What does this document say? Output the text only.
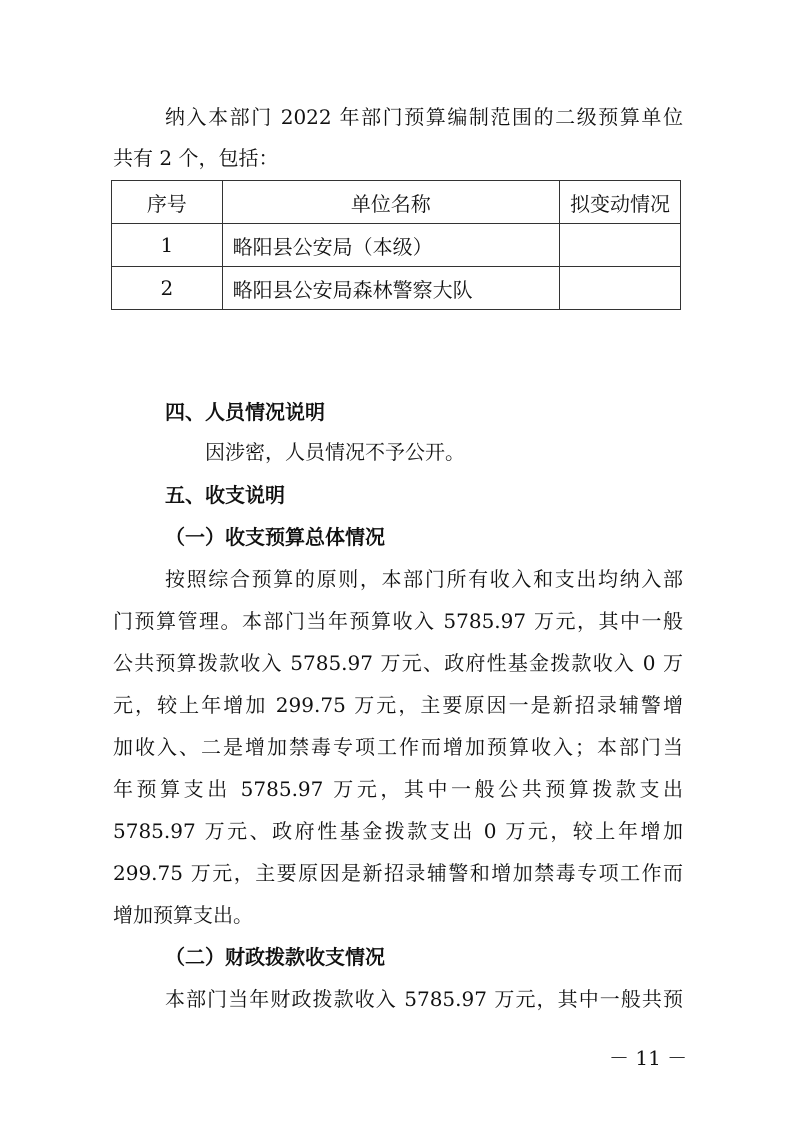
纳入本部门 2022 年部门预算编制范围的二级预算单位
共有 2 个，包括：
序号	单位名称	拟变动情况
1	略阳县公安局（本级）	
2	略阳县公安局森林警察大队	
四、人员情况说明
因涉密，人员情况不予公开。
五、收支说明
（一）收支预算总体情况
按照综合预算的原则，本部门所有收入和支出均纳入部
门预算管理。本部门当年预算收入 5785.97 万元，其中一般
公共预算拨款收入 5785.97 万元、政府性基金拨款收入 0 万
元，较上年增加 299.75 万元，主要原因一是新招录辅警增
加收入、二是增加禁毒专项工作而增加预算收入；本部门当
年预算支出 5785.97 万元，其中一般公共预算拨款支出
5785.97 万元、政府性基金拨款支出 0 万元，较上年增加
299.75 万元，主要原因是新招录辅警和增加禁毒专项工作而
增加预算支出。
（二）财政拨款收支情况
本部门当年财政拨款收入 5785.97 万元，其中一般共预
－ 11 －
